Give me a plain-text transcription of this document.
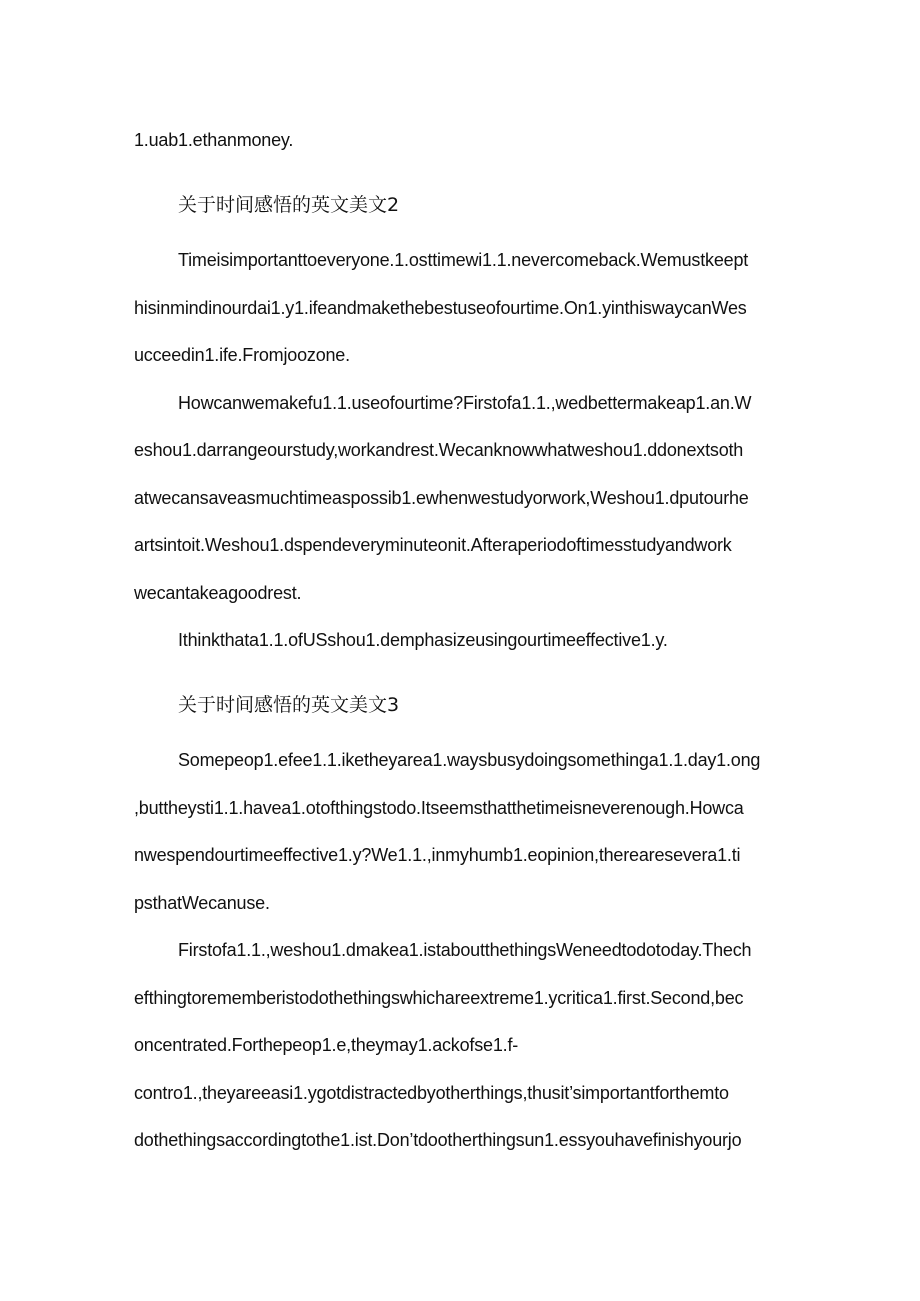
1.uab1.ethanmoney.
关于时间感悟的英文美文2
Timeisimportanttoeveryone.1.osttimewi1.1.nevercomeback.Wemustkeept
hisinmindinourdai1.y1.ifeandmakethebestuseofourtime.On1.yinthiswaycanWes
ucceedin1.ife.Fromjoozone.
Howcanwemakefu1.1.useofourtime?Firstofa1.1.,wedbettermakeap1.an.W
eshou1.darrangeourstudy,workandrest.Wecanknowwhatweshou1.ddonextsoth
atwecansaveasmuchtimeaspossib1.ewhenwestudyorwork,Weshou1.dputourhe
artsintoit.Weshou1.dspendeveryminuteonit.Afteraperiodoftimesstudyandwork
wecantakeagoodrest.
Ithinkthata1.1.ofUSshou1.demphasizeusingourtimeeffective1.y.
关于时间感悟的英文美文3
Somepeop1.efee1.1.iketheyarea1.waysbusydoingsomethinga1.1.day1.ong
,buttheysti1.1.havea1.otofthingstodo.Itseemsthatthetimeisneverenough.Howca
nwespendourtimeeffective1.y?We1.1.,inmyhumb1.eopinion,therearesevera1.ti
psthatWecanuse.
Firstofa1.1.,weshou1.dmakea1.istaboutthethingsWeneedtodotoday.Thech
efthingtorememberistodothethingswhichareextreme1.ycritica1.first.Second,bec
oncentrated.Forthepeop1.e,theymay1.ackofse1.f-
contro1.,theyareeasi1.ygotdistractedbyotherthings,thusit’simportantforthemto
dothethingsaccordingtothe1.ist.Don’tdootherthingsun1.essyouhavefinishyourjo
